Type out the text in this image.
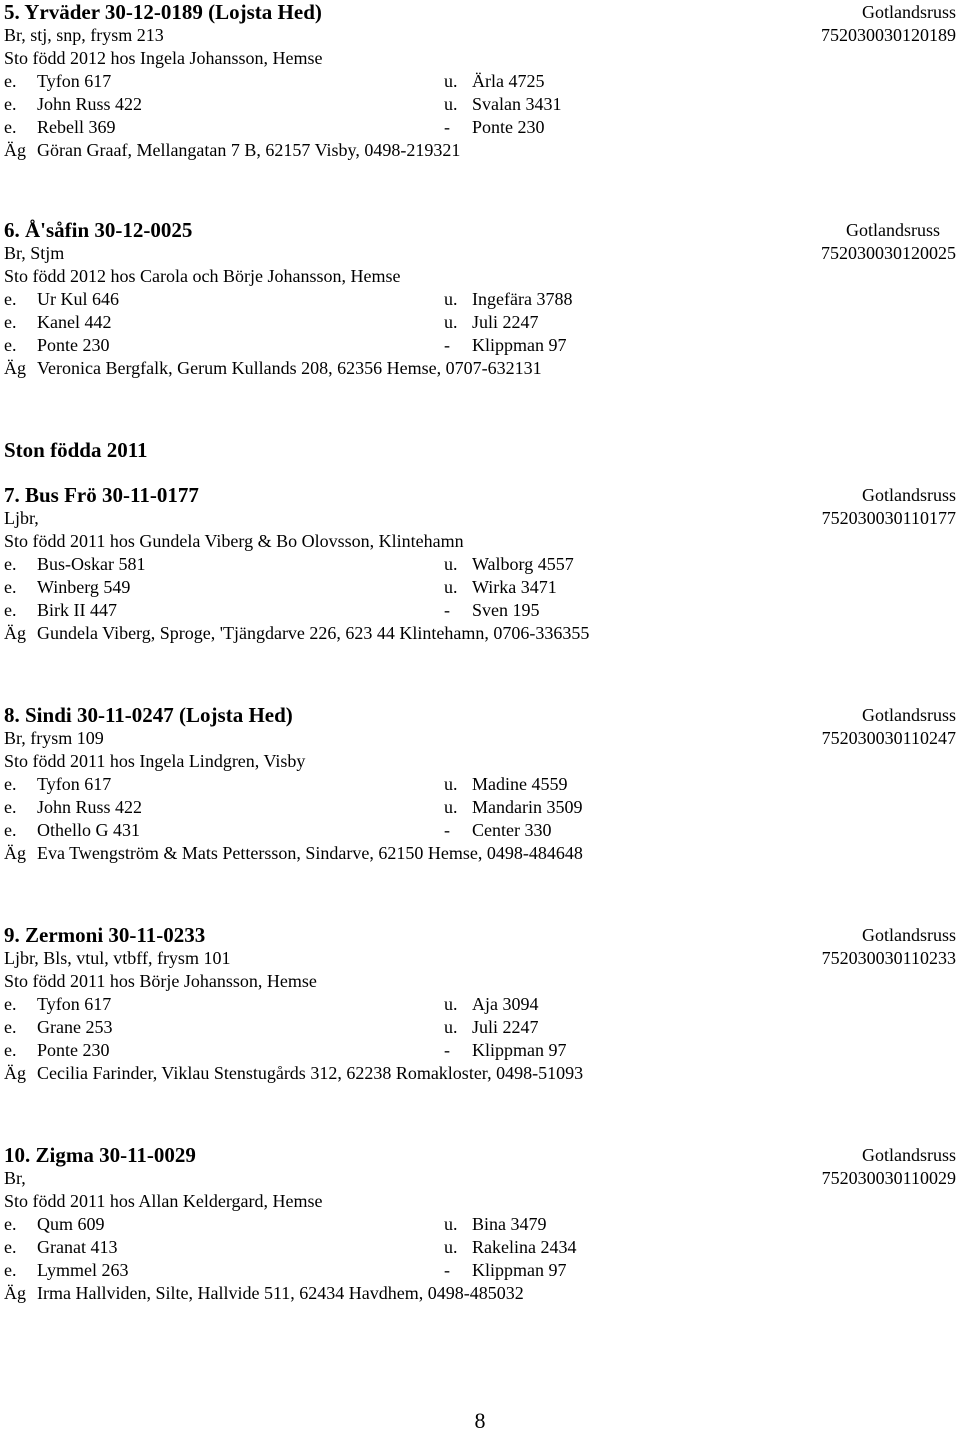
5. Yrväder 30-12-0189 (Lojsta Hed)	Gotlandsruss
Br, stj, snp, frysm 213	752030030120189
Sto född 2012 hos Ingela Johansson, Hemse
e. Tyfon 617	u. Ärla 4725
e. John Russ 422	u. Svalan 3431
e. Rebell 369	- Ponte 230
Äg Göran Graaf, Mellangatan 7 B, 62157 Visby, 0498-219321
6. Å'såfin 30-12-0025	Gotlandsruss
Br, Stjm	752030030120025
Sto född 2012 hos Carola och Börje Johansson, Hemse
e. Ur Kul 646	u. Ingefära 3788
e. Kanel 442	u. Juli 2247
e. Ponte 230	- Klippman 97
Äg Veronica Bergfalk, Gerum Kullands 208, 62356 Hemse, 0707-632131
Ston födda 2011
7. Bus Frö 30-11-0177	Gotlandsruss
Ljbr,	752030030110177
Sto född 2011 hos Gundela Viberg & Bo Olovsson, Klintehamn
e. Bus-Oskar 581	u. Walborg 4557
e. Winberg 549	u. Wirka 3471
e. Birk II 447	- Sven 195
Äg Gundela Viberg, Sproge, 'Tjängdarve 226, 623 44 Klintehamn, 0706-336355
8. Sindi 30-11-0247 (Lojsta Hed)	Gotlandsruss
Br, frysm 109	752030030110247
Sto född 2011 hos Ingela Lindgren, Visby
e. Tyfon 617	u. Madine 4559
e. John Russ 422	u. Mandarin 3509
e. Othello G 431	- Center 330
Äg Eva Twengström & Mats Pettersson, Sindarve, 62150 Hemse, 0498-484648
9. Zermoni 30-11-0233	Gotlandsruss
Ljbr, Bls, vtul, vtbff, frysm 101	752030030110233
Sto född 2011 hos Börje Johansson, Hemse
e. Tyfon 617	u. Aja 3094
e. Grane 253	u. Juli 2247
e. Ponte 230	- Klippman 97
Äg Cecilia Farinder, Viklau Stenstugårds 312, 62238 Romakloster, 0498-51093
10. Zigma 30-11-0029	Gotlandsruss
Br,	752030030110029
Sto född 2011 hos Allan Keldergard, Hemse
e. Qum 609	u. Bina 3479
e. Granat 413	u. Rakelina 2434
e. Lymmel 263	- Klippman 97
Äg Irma Hallviden, Silte, Hallvide 511, 62434 Havdhem, 0498-485032
8
